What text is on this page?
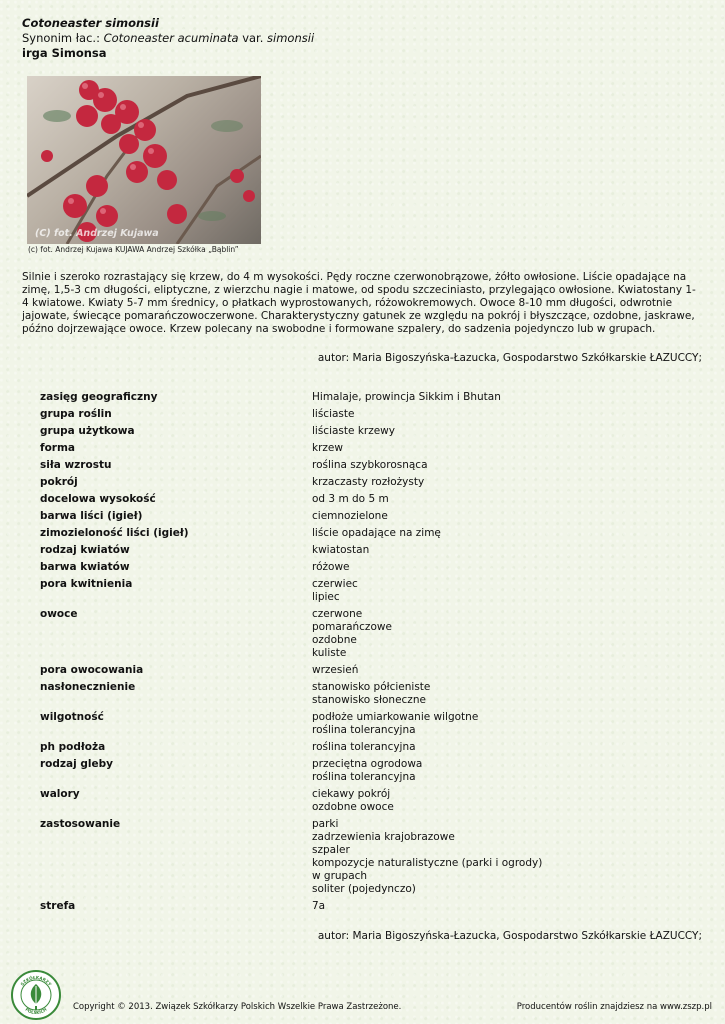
Cotoneaster simonsii
Synonim łac.: Cotoneaster acuminata var. simonsii
irga Simonsa
(C) fot. Andrzej Kujawa
(c) fot. Andrzej Kujawa KUJAWA Andrzej Szkółka „Bąblin”
Silnie i szeroko rozrastający się krzew, do 4 m wysokości. Pędy roczne czerwonobrązowe, żółto owłosione. Liście opadające na zimę, 1,5-3 cm długości, eliptyczne, z wierzchu nagie i matowe, od spodu szczeciniasto, przylegająco owłosione. Kwiatostany 1-4 kwiatowe. Kwiaty 5-7 mm średnicy, o płatkach wyprostowanych, różowokremowych. Owoce 8-10 mm długości, odwrotnie jajowate, świecące pomarańczowoczerwone. Charakterystyczny gatunek ze względu na pokrój i błyszczące, ozdobne, jaskrawe, późno dojrzewające owoce. Krzew polecany na swobodne i formowane szpalery, do sadzenia pojedynczo lub w grupach.
autor: Maria Bigoszyńska-Łazucka, Gospodarstwo Szkółkarskie ŁAZUCCY;
zasięg geograficzny	Himalaje, prowincja Sikkim i Bhutan
grupa roślin	liściaste
grupa użytkowa	liściaste krzewy
forma	krzew
siła wzrostu	roślina szybkorosnąca
pokrój	krzaczasty rozłożysty
docelowa wysokość	od 3 m do 5 m
barwa liści (igieł)	ciemnozielone
zimozieloność liści (igieł)	liście opadające na zimę
rodzaj kwiatów	kwiatostan
barwa kwiatów	różowe
pora kwitnienia	czerwiec
lipiec
owoce	czerwone
pomarańczowe
ozdobne
kuliste
pora owocowania	wrzesień
nasłonecznienie	stanowisko półcieniste
stanowisko słoneczne
wilgotność	podłoże umiarkowanie wilgotne
roślina tolerancyjna
ph podłoża	roślina tolerancyjna
rodzaj gleby	przeciętna ogrodowa
roślina tolerancyjna
walory	ciekawy pokrój
ozdobne owoce
zastosowanie	parki
zadrzewienia krajobrazowe
szpaler
kompozycje naturalistyczne (parki i ogrody)
w grupach
soliter (pojedynczo)
strefa	7a
autor: Maria Bigoszyńska-Łazucka, Gospodarstwo Szkółkarskie ŁAZUCCY;
SZKÓŁKARZY
POLSKICH	Copyright © 2013. Związek Szkółkarzy Polskich Wszelkie Prawa Zastrzeżone.	Producentów roślin znajdziesz na www.zszp.pl
